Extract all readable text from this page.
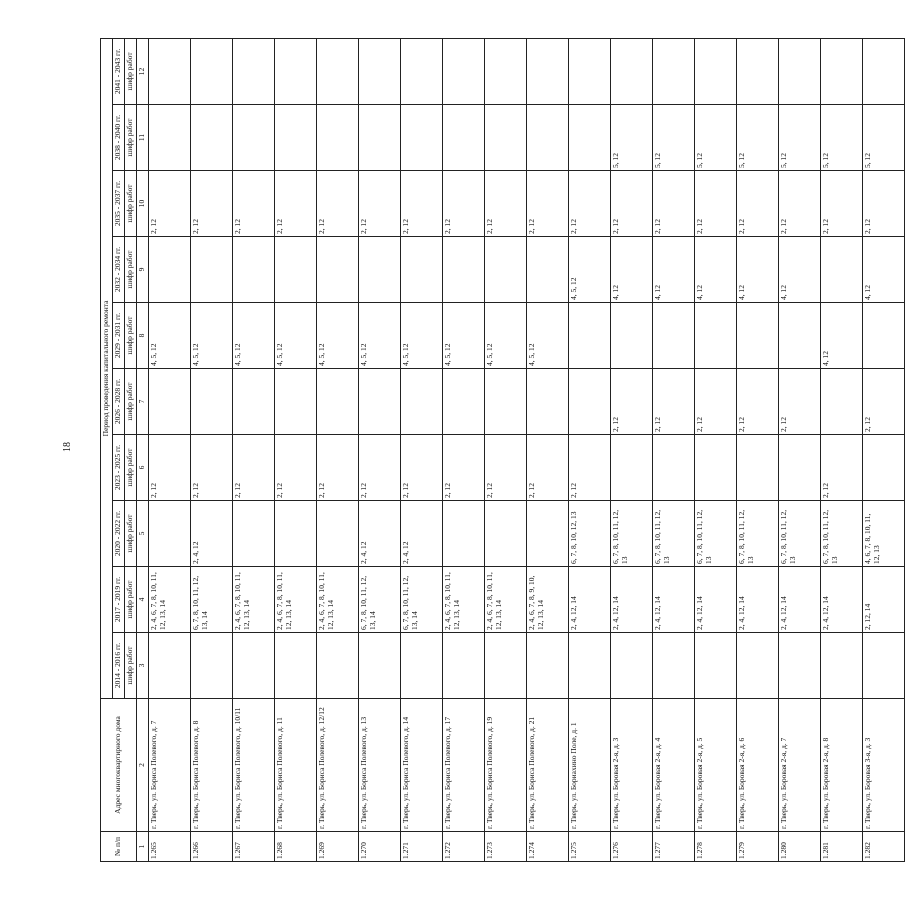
18
№ п/п	Адрес многоквартирного дома	Период проведения капитального ремонта									
		2014 - 2016 гг.	2017 - 2019 гг.	2020 - 2022 гг.	2023 - 2025 гг.	2026 - 2028 гг.	2029 - 2031 гг.	2032 - 2034 гг.	2035 - 2037 гг.	2038 - 2040 гг.	2041 - 2043 гг.
		шифр работ	шифр работ	шифр работ	шифр работ	шифр работ	шифр работ	шифр работ	шифр работ	шифр работ	шифр работ
1	2	3	4	5	6	7	8	9	10	11	12
1.265	г. Тверь, ул. Бориса Полевого, д. 7		2, 4, 6, 7, 8, 10, 11, 12, 13, 14		2, 12		4, 5, 12		2, 12		
1.266	г. Тверь, ул. Бориса Полевого, д. 8		6, 7, 8, 10, 11, 12, 13, 14	2, 4, 12	2, 12		4, 5, 12		2, 12		
1.267	г. Тверь, ул. Бориса Полевого, д. 10/11		2, 4, 6, 7, 8, 10, 11, 12, 13, 14		2, 12		4, 5, 12		2, 12		
1.268	г. Тверь, ул. Бориса Полевого, д. 11		2, 4, 6, 7, 8, 10, 11, 12, 13, 14		2, 12		4, 5, 12		2, 12		
1.269	г. Тверь, ул. Бориса Полевого, д. 12/12		2, 4, 6, 7, 8, 10, 11, 12, 13, 14		2, 12		4, 5, 12		2, 12		
1.270	г. Тверь, ул. Бориса Полевого, д. 13		6, 7, 8, 10, 11, 12, 13, 14	2, 4, 12	2, 12		4, 5, 12		2, 12		
1.271	г. Тверь, ул. Бориса Полевого, д. 14		6, 7, 8, 10, 11, 12, 13, 14	2, 4, 12	2, 12		4, 5, 12		2, 12		
1.272	г. Тверь, ул. Бориса Полевого, д. 17		2, 4, 6, 7, 8, 10, 11, 12, 13, 14		2, 12		4, 5, 12		2, 12		
1.273	г. Тверь, ул. Бориса Полевого, д. 19		2, 4, 6, 7, 8, 10, 11, 12, 13, 14		2, 12		4, 5, 12		2, 12		
1.274	г. Тверь, ул. Бориса Полевого, д. 21		2, 4, 6, 7, 8, 9, 10, 12, 13, 14		2, 12		4, 5, 12		2, 12		
1.275	г. Тверь, ул. Бориахино Поле, д. 1		2, 4, 12, 14	6, 7, 8, 10, 12, 13	2, 12			4, 5, 12	2, 12		
1.276	г. Тверь, ул. Боровая 2-я, д. 3		2, 4, 12, 14	6, 7, 8, 10, 11, 12, 13		2, 12		4, 12	2, 12	5, 12	
1.277	г. Тверь, ул. Боровая 2-я, д. 4		2, 4, 12, 14	6, 7, 8, 10, 11, 12, 13		2, 12		4, 12	2, 12	5, 12	
1.278	г. Тверь, ул. Боровая 2-я, д. 5		2, 4, 12, 14	6, 7, 8, 10, 11, 12, 13		2, 12		4, 12	2, 12	5, 12	
1.279	г. Тверь, ул. Боровая 2-я, д. 6		2, 4, 12, 14	6, 7, 8, 10, 11, 12, 13		2, 12		4, 12	2, 12	5, 12	
1.280	г. Тверь, ул. Боровая 2-я, д. 7		2, 4, 12, 14	6, 7, 8, 10, 11, 12, 13		2, 12		4, 12	2, 12	5, 12	
1.281	г. Тверь, ул. Боровая 2-я, д. 8		2, 4, 12, 14	6, 7, 8, 10, 11, 12, 13	2, 12		4, 12		2, 12	5, 12	
1.282	г. Тверь, ул. Боровая 3-я, д. 3		2, 12, 14	4, 6, 7, 8, 10, 11, 12, 13		2, 12		4, 12	2, 12	5, 12	
